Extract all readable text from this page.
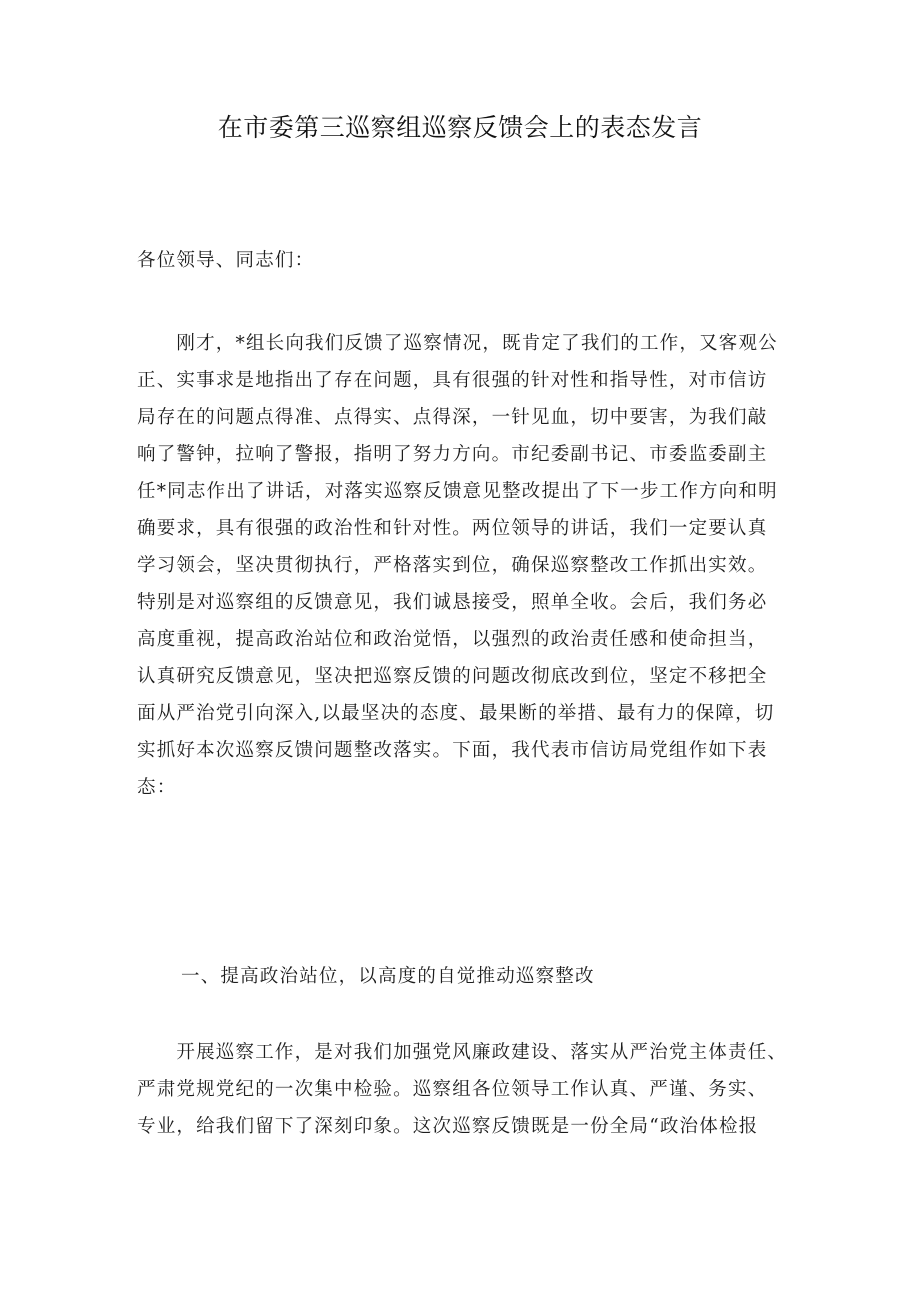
在市委第三巡察组巡察反馈会上的表态发言
各位领导、同志们：
　　刚才，*组长向我们反馈了巡察情况，既肯定了我们的工作，又客观公
正、实事求是地指出了存在问题，具有很强的针对性和指导性，对市信访
局存在的问题点得准、点得实、点得深，一针见血，切中要害，为我们敲
响了警钟，拉响了警报，指明了努力方向。市纪委副书记、市委监委副主
任*同志作出了讲话，对落实巡察反馈意见整改提出了下一步工作方向和明
确要求，具有很强的政治性和针对性。两位领导的讲话，我们一定要认真
学习领会，坚决贯彻执行，严格落实到位，确保巡察整改工作抓出实效。
特别是对巡察组的反馈意见，我们诚恳接受，照单全收。会后，我们务必
高度重视，提高政治站位和政治觉悟，以强烈的政治责任感和使命担当，
认真研究反馈意见，坚决把巡察反馈的问题改彻底改到位，坚定不移把全
面从严治党引向深入,以最坚决的态度、最果断的举措、最有力的保障，切
实抓好本次巡察反馈问题整改落实。下面，我代表市信访局党组作如下表
态：
一、提高政治站位，以高度的自觉推动巡察整改
　　开展巡察工作，是对我们加强党风廉政建设、落实从严治党主体责任、
严肃党规党纪的一次集中检验。巡察组各位领导工作认真、严谨、务实、
专业，给我们留下了深刻印象。这次巡察反馈既是一份全局“政治体检报
